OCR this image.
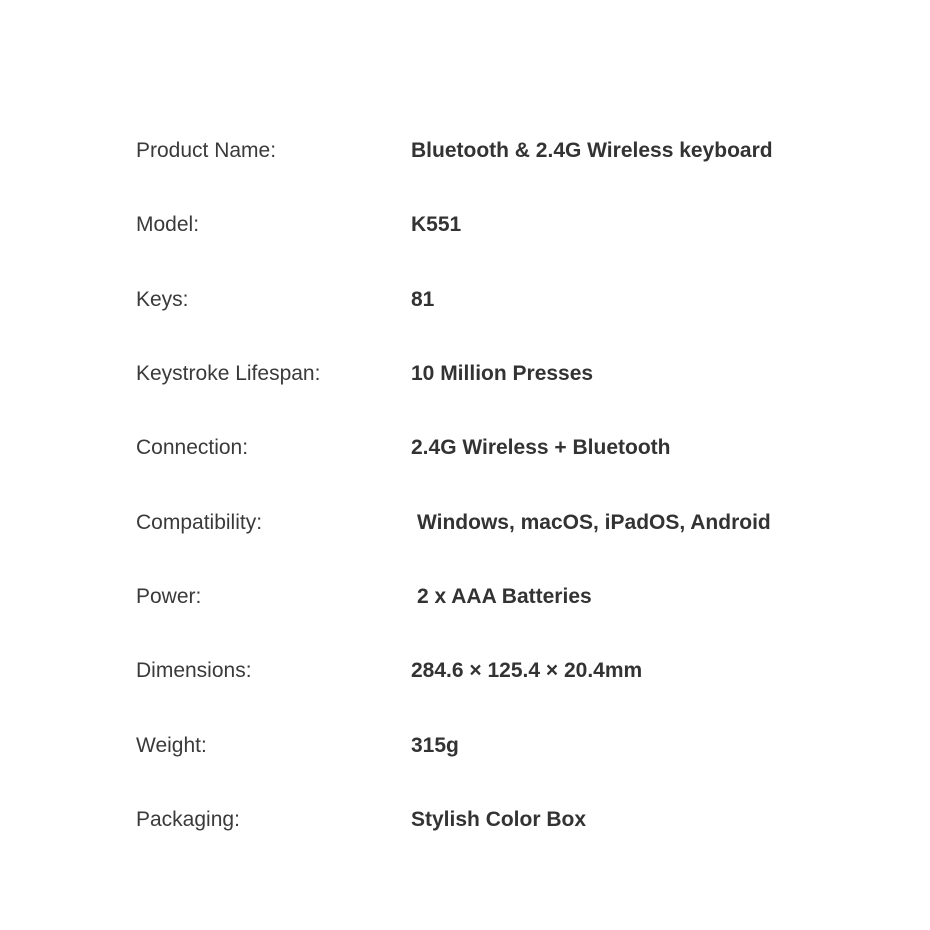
Product Name:	Bluetooth & 2.4G Wireless keyboard
Model:	K551
Keys:	81
Keystroke Lifespan:	10 Million Presses
Connection:	2.4G Wireless + Bluetooth
Compatibility:	Windows, macOS, iPadOS, Android
Power:	2 x AAA Batteries
Dimensions:	284.6 × 125.4 × 20.4mm
Weight:	315g
Packaging:	Stylish Color Box
